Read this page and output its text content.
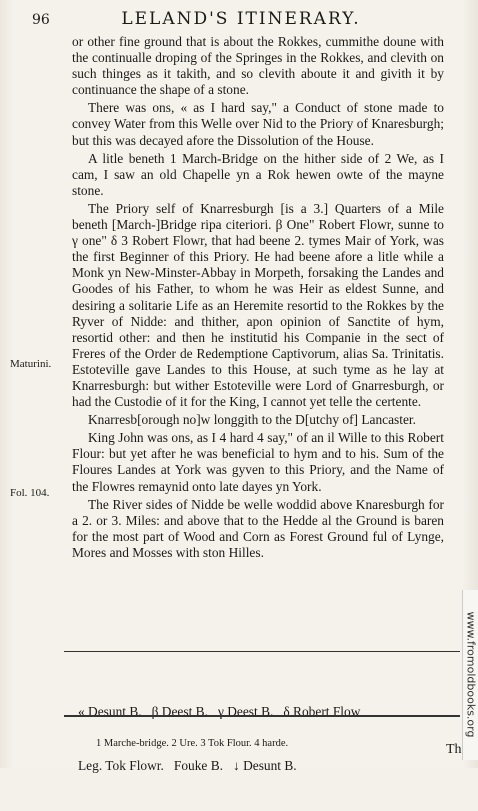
96	LELAND'S ITINERARY.

or other fine ground that is about the Rokkes, cummithe doune with the continualle droping of the Springes in the Rokkes, and clevith on such thinges as it takith, and so clevith aboute it and givith it by continuance the shape of a stone.

There was ons, « as I hard say," a Conduct of stone made to convey Water from this Welle over Nid to the Priory of Knaresburgh; but this was decayed afore the Dissolution of the House.

A litle beneth 1 March-Bridge on the hither side of 2 We, as I cam, I saw an old Chapelle yn a Rok hewen owte of the mayne stone.

The Priory self of Knarresburgh [is a 3.] Quarters of a Mile beneth [March-]Bridge ripa citeriori. β One" Robert Flowr, sunne to γ one" δ 3 Robert Flowr, that had beene 2. tymes Mair of York, was the first Beginner of this Priory. He had beene afore a litle while a Monk yn New-Minster-Abbay in Morpeth, forsaking the Landes and Goodes of his Father, to whom he was Heir as eldest Sunne, and desiring a solitarie Life as an Heremite resortid to the Rokkes by the Ryver of Nidde: and thither, apon opinion of Sanctite of hym, resortid other: and then he institutid his Companie in the sect of Freres of the Order de Redemptione Captivorum, alias Sa. Trinitatis. Estoteville gave Landes to this House, at such tyme as he lay at Knarresburgh: but wither Estoteville were Lord of Gnarresburgh, or had the Custodie of it for the King, I cannot yet telle the certente.

Knarresb[orough no]w longgith to the D[utchy of] Lancaster.

King John was ons, as I 4 hard 4 say," of an il Wille to this Robert Flour: but yet after he was beneficial to hym and to his. Sum of the Floures Landes at York was gyven to this Priory, and the Name of the Flowres remaynid onto late dayes yn York.

The River sides of Nidde be welle woddid above Knaresburgh for a 2. or 3. Miles: and above that to the Hedde al the Ground is baren for the most part of Wood and Corn as Forest Ground ful of Lynge, Mores and Mosses with ston Hilles.

Maturini.
Fol. 104.

« Desunt B.   β Deest B.   γ Deest B.   δ Robert Flow

Leg. Tok Flowr.   Fouke B.   ↓ Desunt B.

1 Marche-bridge. 2 Ure. 3 Tok Flour. 4 harde.	Th
www.fromoldbooks.org
